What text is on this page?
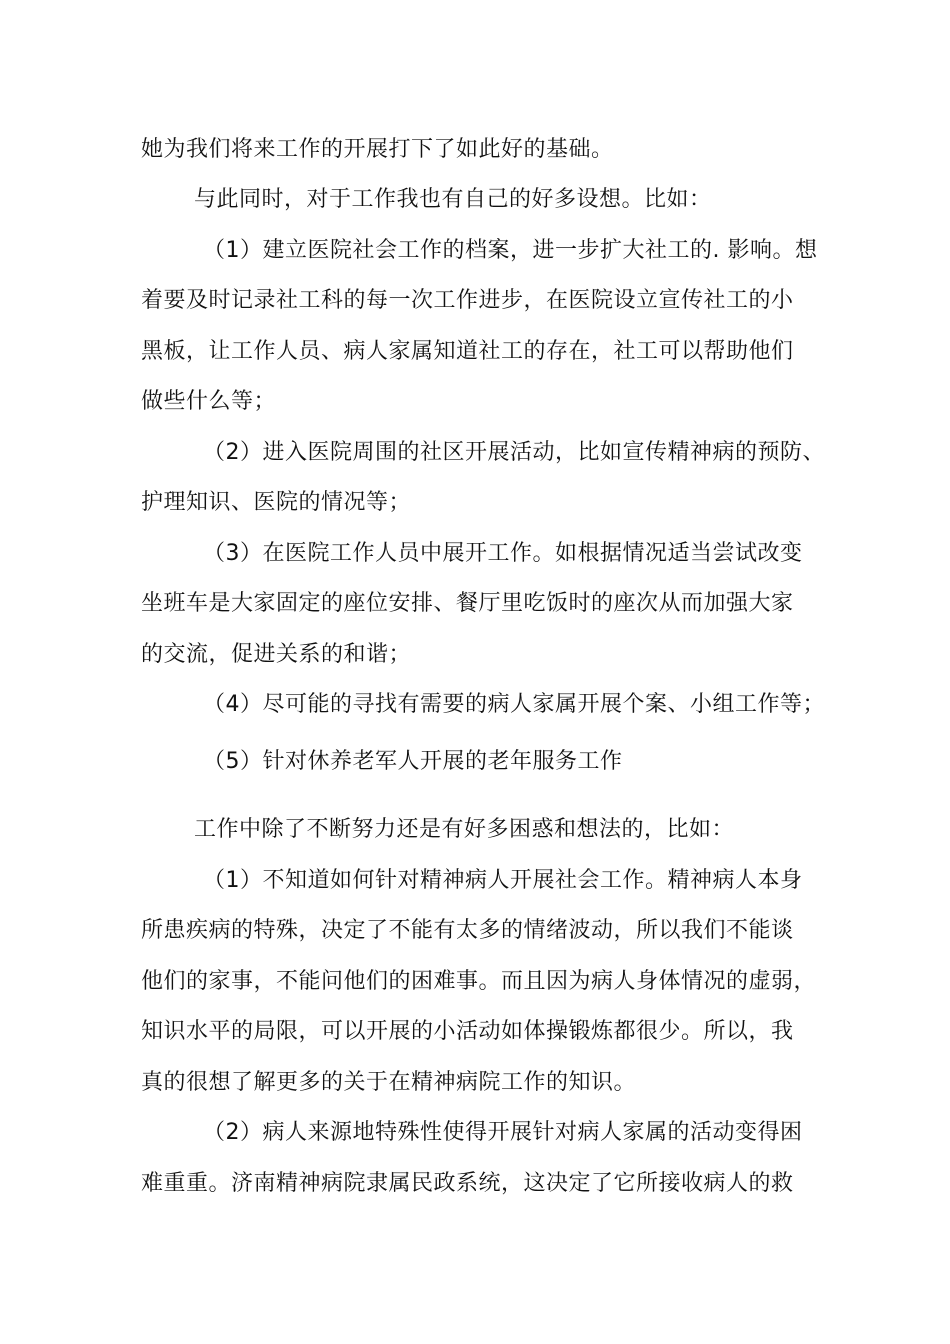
她为我们将来工作的开展打下了如此好的基础。
与此同时，对于工作我也有自己的好多设想。比如：
（1）建立医院社会工作的档案，进一步扩大社工的. 影响。想
着要及时记录社工科的每一次工作进步，在医院设立宣传社工的小
黑板，让工作人员、病人家属知道社工的存在，社工可以帮助他们
做些什么等；
（2）进入医院周围的社区开展活动，比如宣传精神病的预防、
护理知识、医院的情况等；
（3）在医院工作人员中展开工作。如根据情况适当尝试改变
坐班车是大家固定的座位安排、餐厅里吃饭时的座次从而加强大家
的交流，促进关系的和谐；
（4）尽可能的寻找有需要的病人家属开展个案、小组工作等；
（5）针对休养老军人开展的老年服务工作
工作中除了不断努力还是有好多困惑和想法的，比如：
（1）不知道如何针对精神病人开展社会工作。精神病人本身
所患疾病的特殊，决定了不能有太多的情绪波动，所以我们不能谈
他们的家事，不能问他们的困难事。而且因为病人身体情况的虚弱，
知识水平的局限，可以开展的小活动如体操锻炼都很少。所以，我
真的很想了解更多的关于在精神病院工作的知识。
（2）病人来源地特殊性使得开展针对病人家属的活动变得困
难重重。济南精神病院隶属民政系统，这决定了它所接收病人的救
